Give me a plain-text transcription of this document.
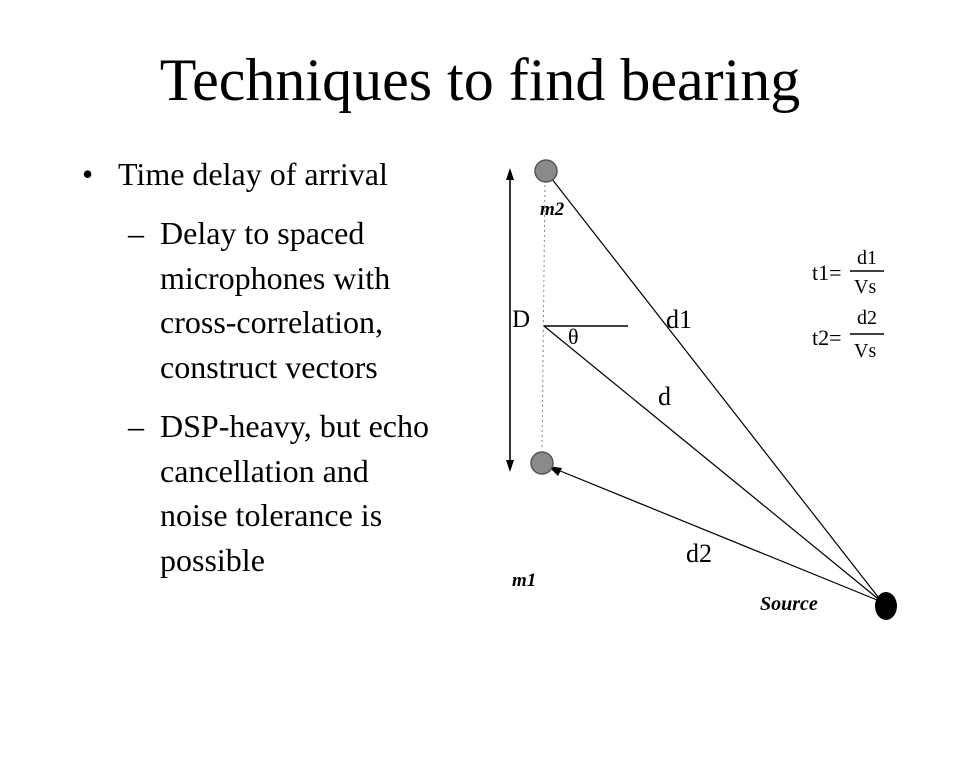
Techniques to find bearing
• Time delay of arrival
– Delay to spaced
microphones with
cross-correlation,
construct vectors
– DSP-heavy, but echo
cancellation and
noise tolerance is
possible
m2
m1
D
θ
d1
d
d2
Source
t1=
d1
Vs
t2=
d2
Vs
